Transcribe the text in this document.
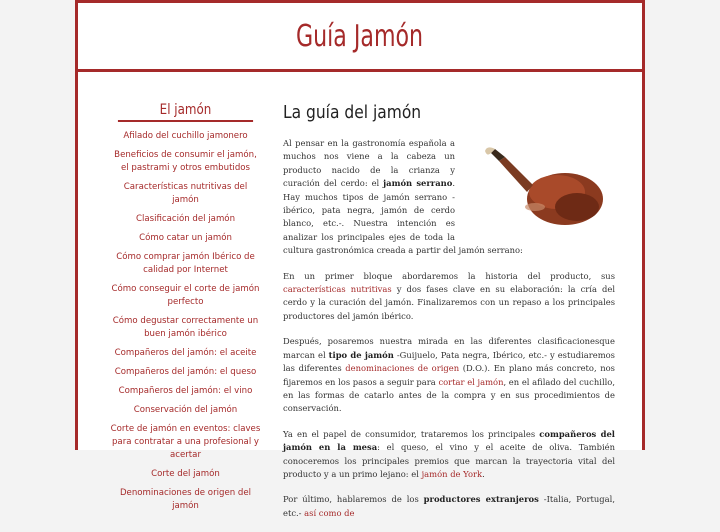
Guía Jamón
El jamón
Afilado del cuchillo jamonero
Beneficios de consumir el jamón, el pastrami y otros embutidos
Características nutritivas del jamón
Clasificación del jamón
Cómo catar un jamón
Cómo comprar jamón Ibérico de calidad por Internet
Cómo conseguir el corte de jamón perfecto
Cómo degustar correctamente un buen jamón ibérico
Compañeros del jamón: el aceite
Compañeros del jamón: el queso
Compañeros del jamón: el vino
Conservación del jamón
Corte de jamón en eventos: claves para contratar a una profesional y acertar
Corte del jamón
Denominaciones de origen del jamón
La guía del jamón

Al pensar en la gastronomía española a muchos nos viene a la cabeza un producto nacido de la crianza y curación del cerdo: el jamón serrano. Hay muchos tipos de jamón serrano -ibérico, pata negra, jamón de cerdo blanco, etc.-. Nuestra intención es analizar los principales ejes de toda la cultura gastronómica creada a partir del jamón serrano:

En un primer bloque abordaremos la historia del producto, sus características nutritivas y dos fases clave en su elaboración: la cría del cerdo y la curación del jamón. Finalizaremos con un repaso a los principales productores del jamón ibérico.

Después, posaremos nuestra mirada en las diferentes clasificacionesque marcan el tipo de jamón -Guijuelo, Pata negra, Ibérico, etc.- y estudiaremos las diferentes denominaciones de origen (D.O.). En plano más concreto, nos fijaremos en los pasos a seguir para cortar el jamón, en el afilado del cuchillo, en las formas de catarlo antes de la compra y en sus procedimientos de conservación.

Ya en el papel de consumidor, trataremos los principales compañeros del jamón en la mesa: el queso, el vino y el aceite de oliva. También conoceremos los principales premios que marcan la trayectoria vital del producto y a un primo lejano: el jamón de York.

Por último, hablaremos de los productores extranjeros -Italia, Portugal, etc.- así como de
